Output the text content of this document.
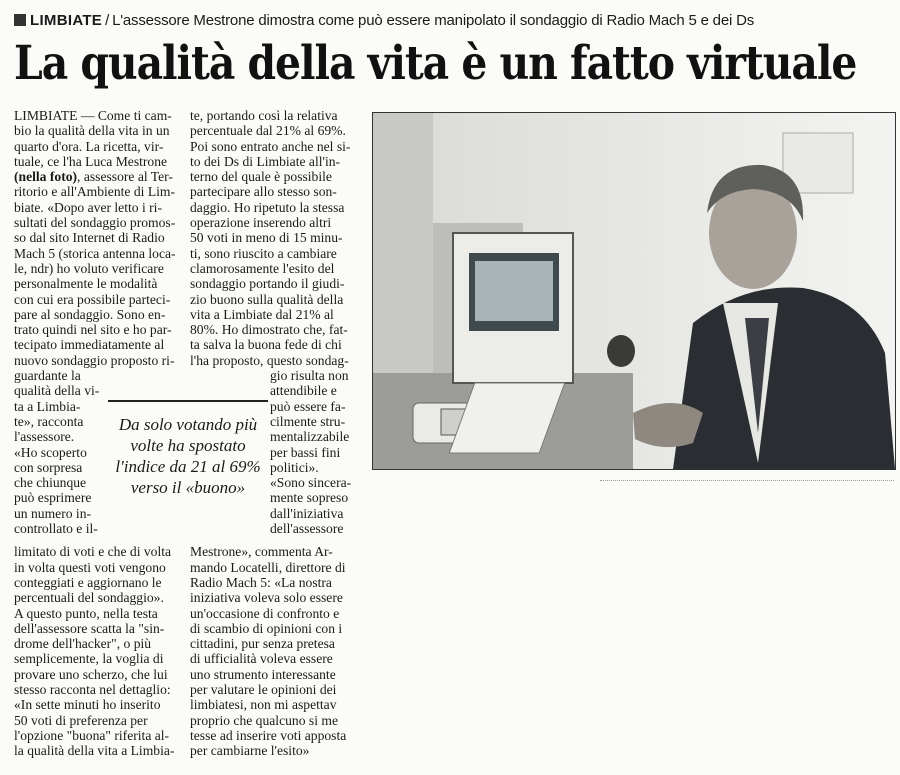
LIMBIATE / L'assessore Mestrone dimostra come può essere manipolato il sondaggio di Radio Mach 5 e dei Ds
La qualità della vita è un fatto virtuale

LIMBIATE — Come ti cam-

bio la qualità della vita in un

quarto d'ora. La ricetta, vir-

tuale, ce l'ha Luca Mestrone

(nella foto), assessore al Ter-

ritorio e all'Ambiente di Lim-

biate. «Dopo aver letto i ri-

sultati del sondaggio promos-

so dal sito Internet di Radio

Mach 5 (storica antenna loca-

le, ndr) ho voluto verificare

personalmente le modalità

con cui era possibile parteci-

pare al sondaggio. Sono en-

trato quindi nel sito e ho par-

tecipato immediatamente al

nuovo sondaggio proposto ri-

guardante la

qualità della vi-

ta a Limbia-

te», racconta

l'assessore.

«Ho scoperto

con sorpresa

che chiunque

può esprimere

un numero in-

controllato e il-

limitato di voti e che di volta

in volta questi voti vengono

conteggiati e aggiornano le

percentuali del sondaggio».

A questo punto, nella testa

dell'assessore scatta la "sin-

drome dell'hacker", o più

semplicemente, la voglia di

provare uno scherzo, che lui

stesso racconta nel dettaglio:

«In sette minuti ho inserito

50 voti di preferenza per

l'opzione "buona" riferita al-

la qualità della vita a Limbia-

te, portando così la relativa

percentuale dal 21% al 69%.

Poi sono entrato anche nel si-

to dei Ds di Limbiate all'in-

terno del quale è possibile

partecipare allo stesso son-

daggio. Ho ripetuto la stessa

operazione inserendo altri

50 voti in meno di 15 minu-

ti, sono riuscito a cambiare

clamorosamente l'esito del

sondaggio portando il giudi-

zio buono sulla qualità della

vita a Limbiate dal 21% al

80%. Ho dimostrato che, fat-

ta salva la buona fede di chi

l'ha proposto, questo sondag-

gio risulta non

attendibile e

può essere fa-

cilmente stru-

mentalizzabile

per bassi fini

politici».

«Sono sincera-

mente sopreso

dall'iniziativa

dell'assessore

Mestrone», commenta Ar-

mando Locatelli, direttore di

Radio Mach 5: «La nostra

iniziativa voleva solo essere

un'occasione di confronto e

di scambio di opinioni con i

cittadini, pur senza pretesa

di ufficialità voleva essere

uno strumento interessante

per valutare le opinioni dei

limbiatesi, non mi aspettav

proprio che qualcuno si me

tesse ad inserire voti apposta

per cambiarne l'esito»

Da solo votando più volte ha spostato l'indice da 21 al 69% verso il «buono»
